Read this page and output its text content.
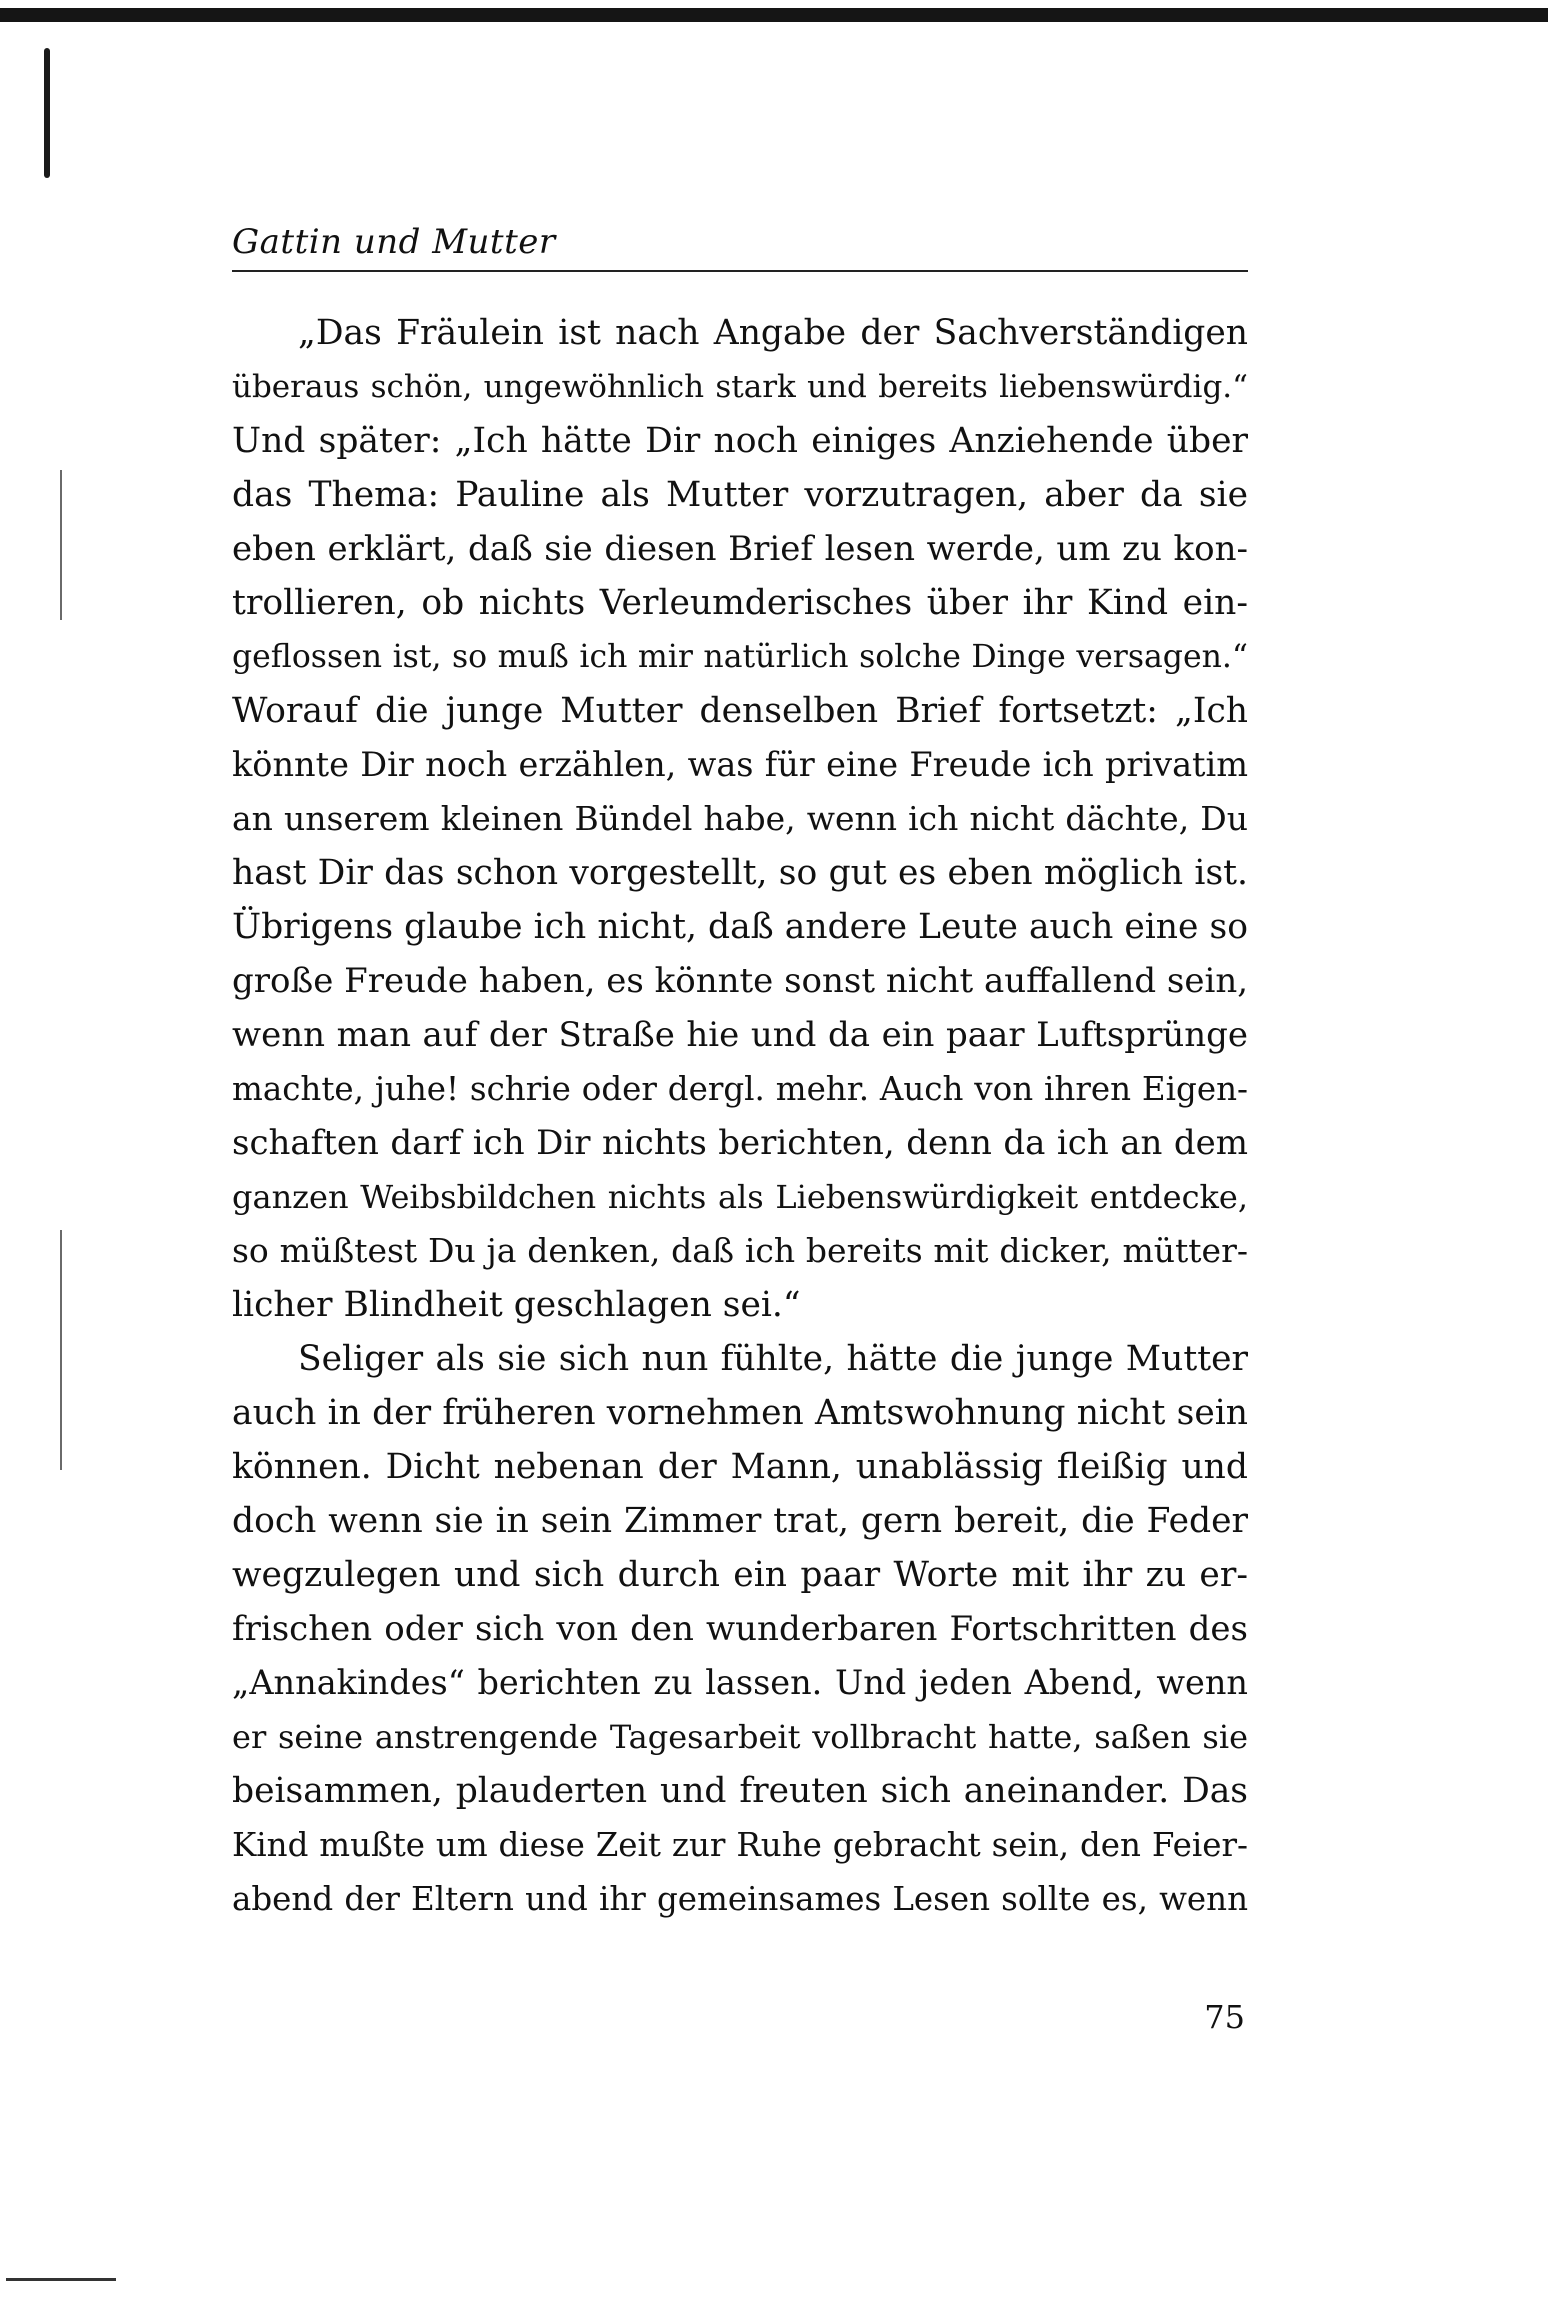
Gattin und Mutter
„Das Fräulein ist nach Angabe der Sachverständigen
überaus schön, ungewöhnlich stark und bereits liebenswürdig.“
Und später: „Ich hätte Dir noch einiges Anziehende über
das Thema: Pauline als Mutter vorzutragen, aber da sie
eben erklärt, daß sie diesen Brief lesen werde, um zu kon-
trollieren, ob nichts Verleumderisches über ihr Kind ein-
geflossen ist, so muß ich mir natürlich solche Dinge versagen.“
Worauf die junge Mutter denselben Brief fortsetzt: „Ich
könnte Dir noch erzählen, was für eine Freude ich privatim
an unserem kleinen Bündel habe, wenn ich nicht dächte, Du
hast Dir das schon vorgestellt, so gut es eben möglich ist.
Übrigens glaube ich nicht, daß andere Leute auch eine so
große Freude haben, es könnte sonst nicht auffallend sein,
wenn man auf der Straße hie und da ein paar Luftsprünge
machte, juhe! schrie oder dergl. mehr. Auch von ihren Eigen-
schaften darf ich Dir nichts berichten, denn da ich an dem
ganzen Weibsbildchen nichts als Liebenswürdigkeit entdecke,
so müßtest Du ja denken, daß ich bereits mit dicker, mütter-
licher Blindheit geschlagen sei.“
Seliger als sie sich nun fühlte, hätte die junge Mutter
auch in der früheren vornehmen Amtswohnung nicht sein
können. Dicht nebenan der Mann, unablässig fleißig und
doch wenn sie in sein Zimmer trat, gern bereit, die Feder
wegzulegen und sich durch ein paar Worte mit ihr zu er-
frischen oder sich von den wunderbaren Fortschritten des
„Annakindes“ berichten zu lassen. Und jeden Abend, wenn
er seine anstrengende Tagesarbeit vollbracht hatte, saßen sie
beisammen, plauderten und freuten sich aneinander. Das
Kind mußte um diese Zeit zur Ruhe gebracht sein, den Feier-
abend der Eltern und ihr gemeinsames Lesen sollte es, wenn
75
